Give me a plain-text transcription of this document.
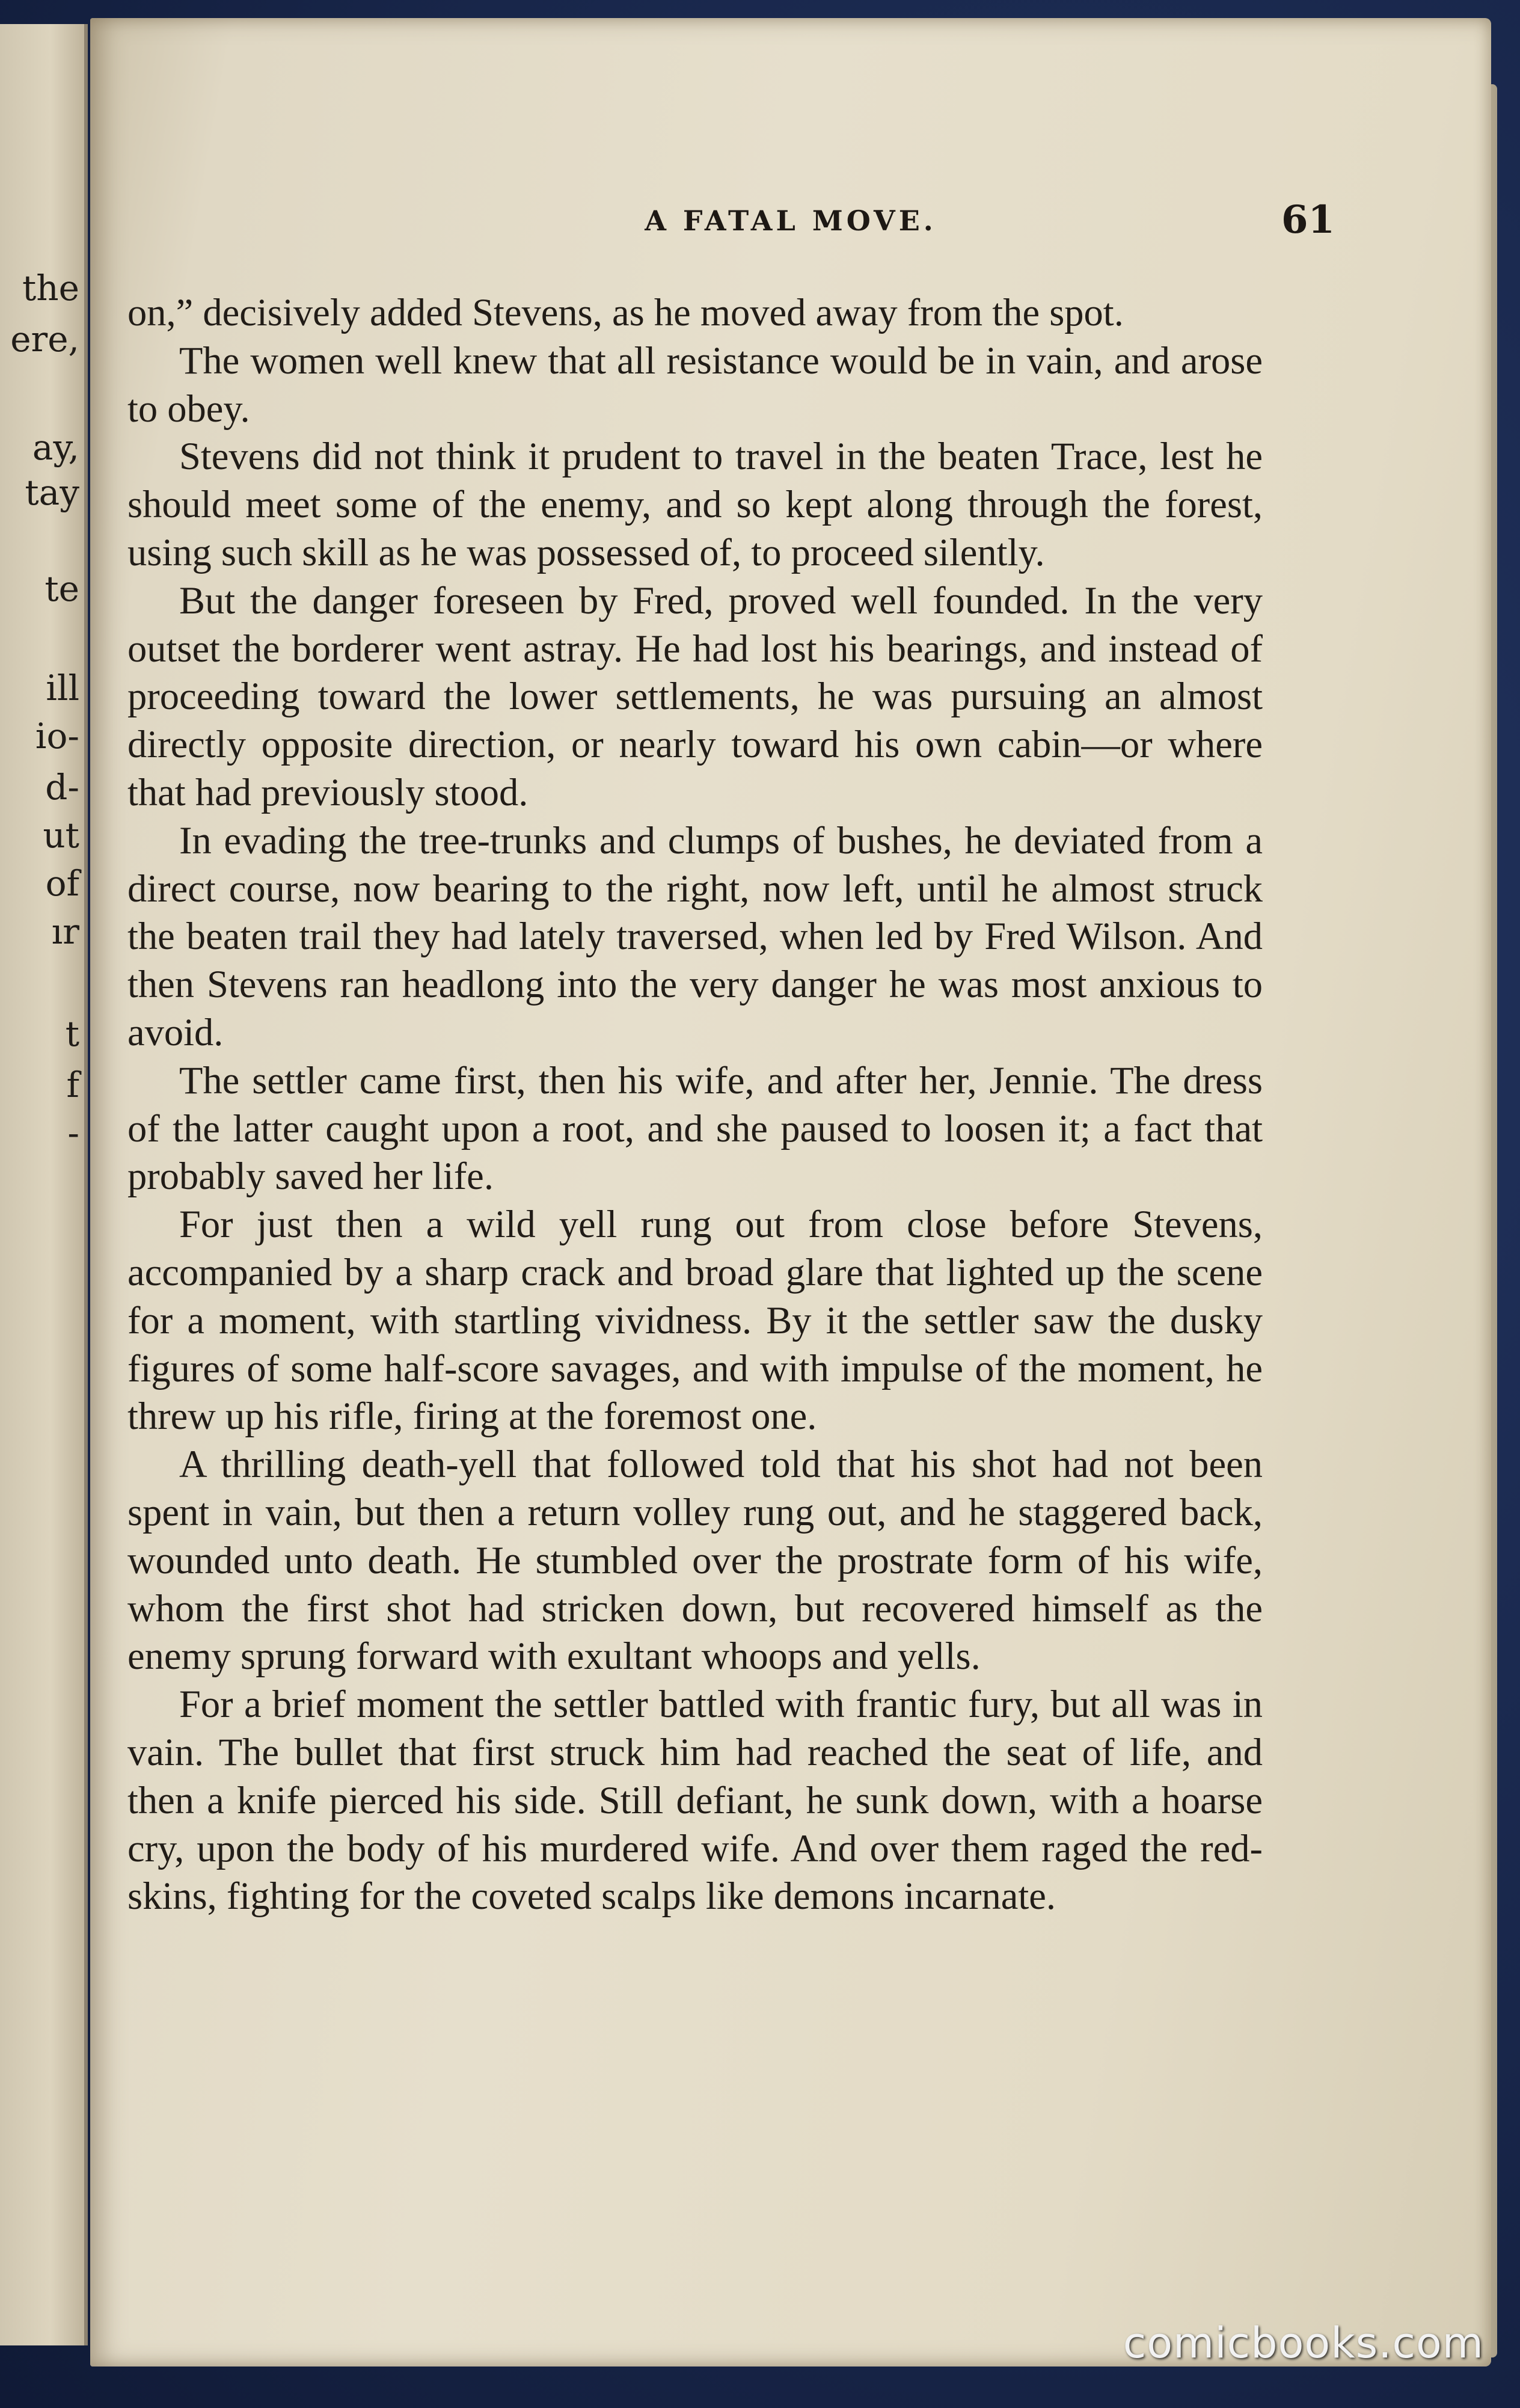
the
ere,
ay,
tay
te
ill
io-
d-
ut
of
ır
t
f
-
A FATAL MOVE.	61

on,” decisively added Stevens, as he moved away from the spot.

The women well knew that all resistance would be in vain, and arose to obey.

Stevens did not think it prudent to travel in the beaten Trace, lest he should meet some of the enemy, and so kept along through the forest, using such skill as he was possessed of, to proceed silently.

But the danger foreseen by Fred, proved well founded. In the very outset the borderer went astray. He had lost his bearings, and instead of proceeding toward the lower settlements, he was pursuing an almost directly opposite direction, or nearly toward his own cabin—or where that had previously stood.

In evading the tree-trunks and clumps of bushes, he deviated from a direct course, now bearing to the right, now left, until he almost struck the beaten trail they had lately traversed, when led by Fred Wilson. And then Stevens ran headlong into the very danger he was most anxious to avoid.

The settler came first, then his wife, and after her, Jennie. The dress of the latter caught upon a root, and she paused to loosen it; a fact that probably saved her life.

For just then a wild yell rung out from close before Stevens, accompanied by a sharp crack and broad glare that lighted up the scene for a moment, with startling vividness. By it the settler saw the dusky figures of some half-score savages, and with impulse of the moment, he threw up his rifle, firing at the foremost one.

A thrilling death-yell that followed told that his shot had not been spent in vain, but then a return volley rung out, and he staggered back, wounded unto death. He stumbled over the prostrate form of his wife, whom the first shot had stricken down, but recovered himself as the enemy sprung forward with exultant whoops and yells.

For a brief moment the settler battled with frantic fury, but all was in vain. The bullet that first struck him had reached the seat of life, and then a knife pierced his side. Still defiant, he sunk down, with a hoarse cry, upon the body of his murdered wife. And over them raged the red-skins, fighting for the coveted scalps like demons incarnate.

comicbooks.com
